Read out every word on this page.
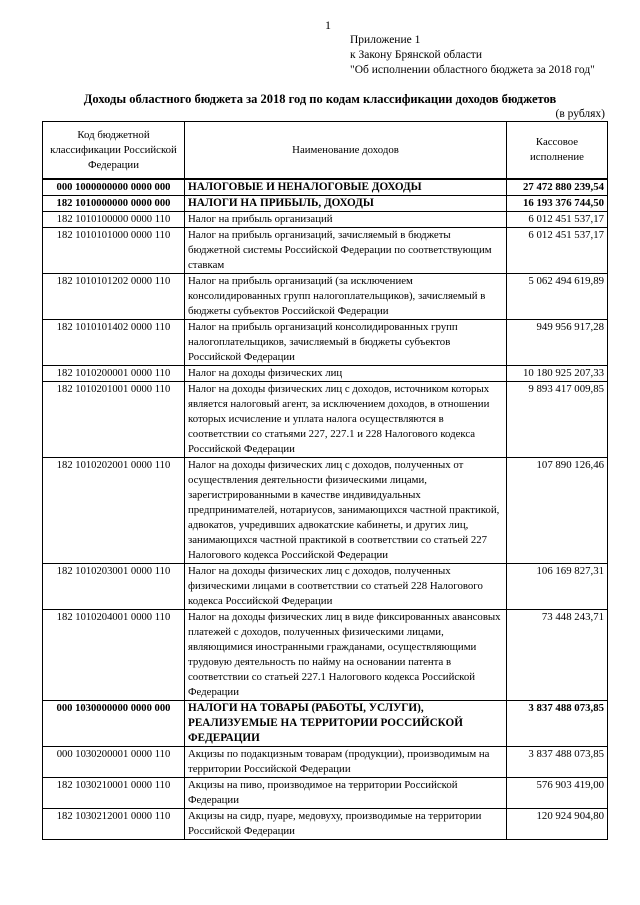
1
Приложение 1
к Закону Брянской области
"Об исполнении областного бюджета за 2018 год"
Доходы областного бюджета за 2018 год по кодам классификации доходов бюджетов
(в рублях)
Код бюджетной классификации Российской Федерации	Наименование доходов	Кассовое исполнение
000 1000000000 0000 000	НАЛОГОВЫЕ И НЕНАЛОГОВЫЕ ДОХОДЫ	27 472 880 239,54
182 1010000000 0000 000	НАЛОГИ НА ПРИБЫЛЬ, ДОХОДЫ	16 193 376 744,50
182 1010100000 0000 110	Налог на прибыль организаций	6 012 451 537,17
182 1010101000 0000 110	Налог на прибыль организаций, зачисляемый в бюджеты бюджетной системы Российской Федерации по соответствующим ставкам	6 012 451 537,17
182 1010101202 0000 110	Налог на прибыль организаций (за исключением консолидированных групп налогоплательщиков), зачисляемый в бюджеты субъектов Российской Федерации	5 062 494 619,89
182 1010101402 0000 110	Налог на прибыль организаций консолидированных групп налогоплательщиков, зачисляемый в бюджеты субъектов Российской Федерации	949 956 917,28
182 1010200001 0000 110	Налог на доходы физических лиц	10 180 925 207,33
182 1010201001 0000 110	Налог на доходы физических лиц с доходов, источником которых является налоговый агент, за исключением доходов, в отношении которых исчисление и уплата налога осуществляются в соответствии со статьями 227, 227.1 и 228 Налогового кодекса Российской Федерации	9 893 417 009,85
182 1010202001 0000 110	Налог на доходы физических лиц с доходов, полученных от осуществления деятельности физическими лицами, зарегистрированными в качестве индивидуальных предпринимателей, нотариусов, занимающихся частной практикой, адвокатов, учредивших адвокатские кабинеты, и других лиц, занимающихся частной практикой в соответствии со статьей 227 Налогового кодекса Российской Федерации	107 890 126,46
182 1010203001 0000 110	Налог на доходы физических лиц с доходов, полученных физическими лицами в соответствии со статьей 228 Налогового кодекса Российской Федерации	106 169 827,31
182 1010204001 0000 110	Налог на доходы физических лиц в виде фиксированных авансовых платежей с доходов, полученных физическими лицами, являющимися иностранными гражданами, осуществляющими трудовую деятельность по найму на основании патента в соответствии со статьей 227.1 Налогового кодекса Российской Федерации	73 448 243,71
000 1030000000 0000 000	НАЛОГИ НА ТОВАРЫ (РАБОТЫ, УСЛУГИ), РЕАЛИЗУЕМЫЕ НА ТЕРРИТОРИИ РОССИЙСКОЙ ФЕДЕРАЦИИ	3 837 488 073,85
000 1030200001 0000 110	Акцизы по подакцизным товарам (продукции), производимым на территории Российской Федерации	3 837 488 073,85
182 1030210001 0000 110	Акцизы на пиво, производимое на территории Российской Федерации	576 903 419,00
182 1030212001 0000 110	Акцизы на сидр, пуаре, медовуху, производимые на территории Российской Федерации	120 924 904,80
